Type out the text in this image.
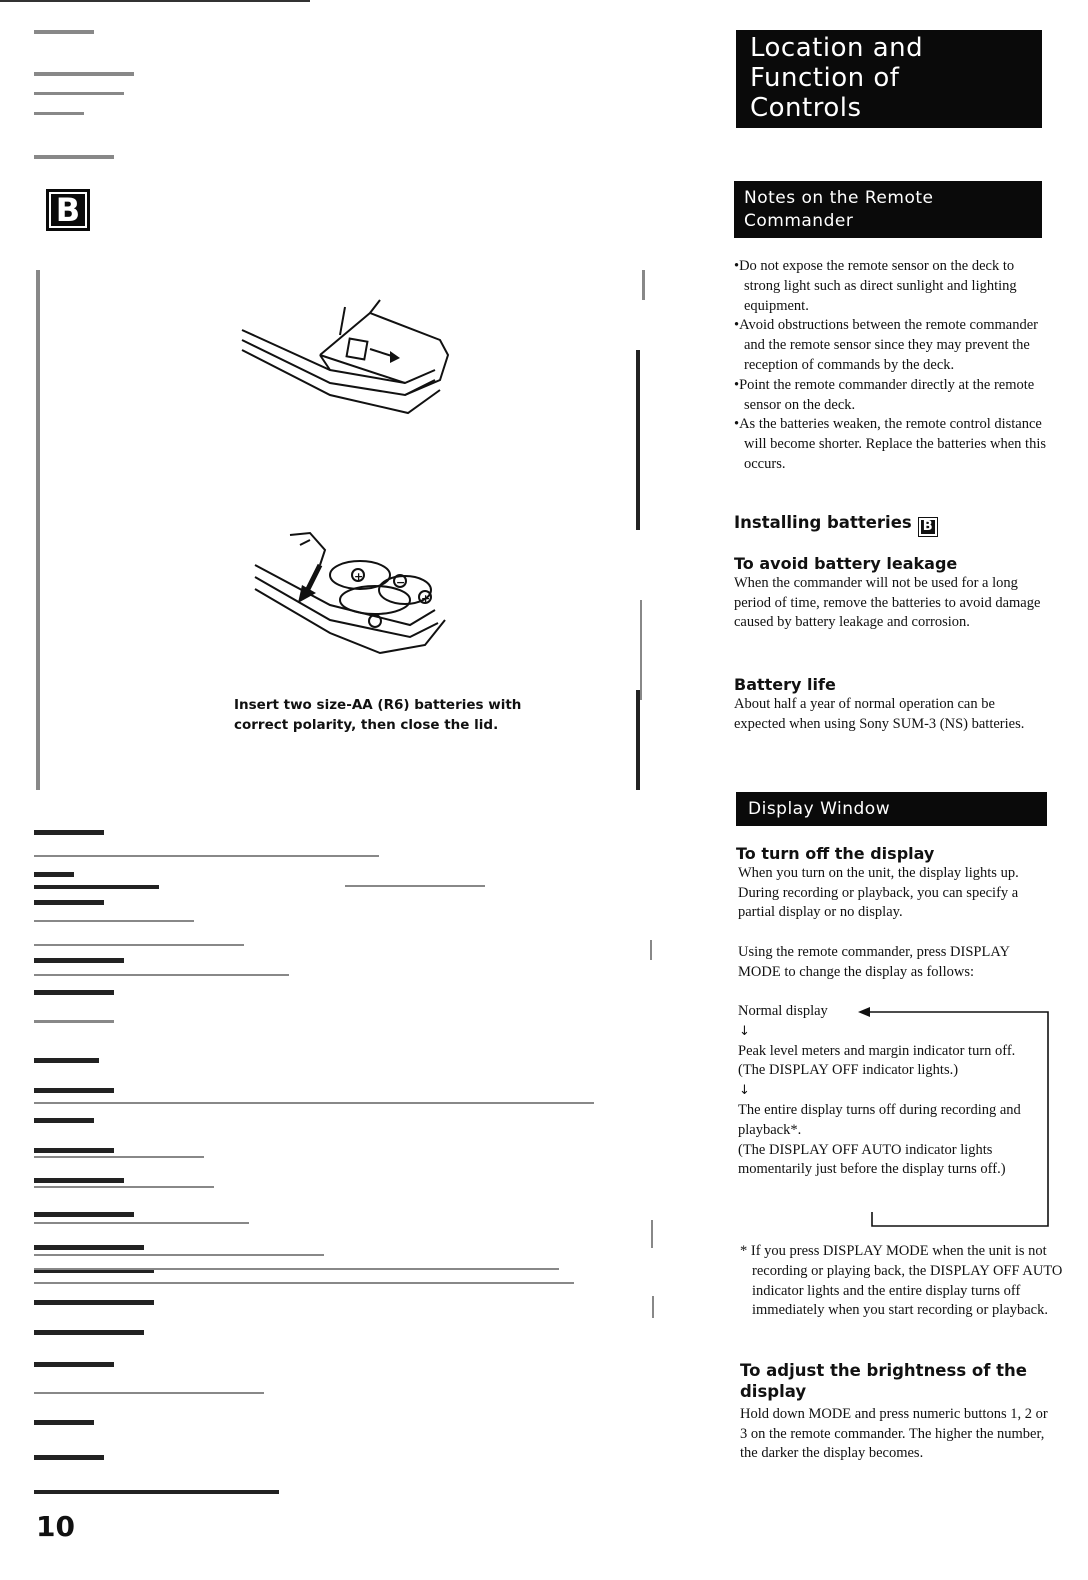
Location and
Function of
Controls
Notes on the Remote
Commander
• Do not expose the remote sensor on the deck to strong light such as direct sunlight and lighting equipment.
• Avoid obstructions between the remote commander and the remote sensor since they may prevent the reception of commands by the deck.
• Point the remote commander directly at the remote sensor on the deck.
• As the batteries weaken, the remote control distance will become shorter. Replace the batteries when this occurs.
Installing batteries B
To avoid battery leakage
When the commander will not be used for a long period of time, remove the batteries to avoid damage caused by battery leakage and corrosion.
Battery life
About half a year of normal operation can be expected when using Sony SUM-3 (NS) batteries.
Display Window
To turn off the display
When you turn on the unit, the display lights up. During recording or playback, you can specify a partial display or no display.
Using the remote commander, press DISPLAY MODE to change the display as follows:
Normal display
↓
Peak level meters and margin indicator turn off.
(The DISPLAY OFF indicator lights.)
↓
The entire display turns off during recording and playback*.
(The DISPLAY OFF AUTO indicator lights momentarily just before the display turns off.)
* If you press DISPLAY MODE when the unit is not recording or playing back, the DISPLAY OFF AUTO indicator lights and the entire display turns off immediately when you start recording or playback.
To adjust the brightness of the display
Hold down MODE and press numeric buttons 1, 2 or 3 on the remote commander. The higher the number, the darker the display becomes.
B
+	−
+
Insert two size-AA (R6) batteries with
correct polarity, then close the lid.
10
